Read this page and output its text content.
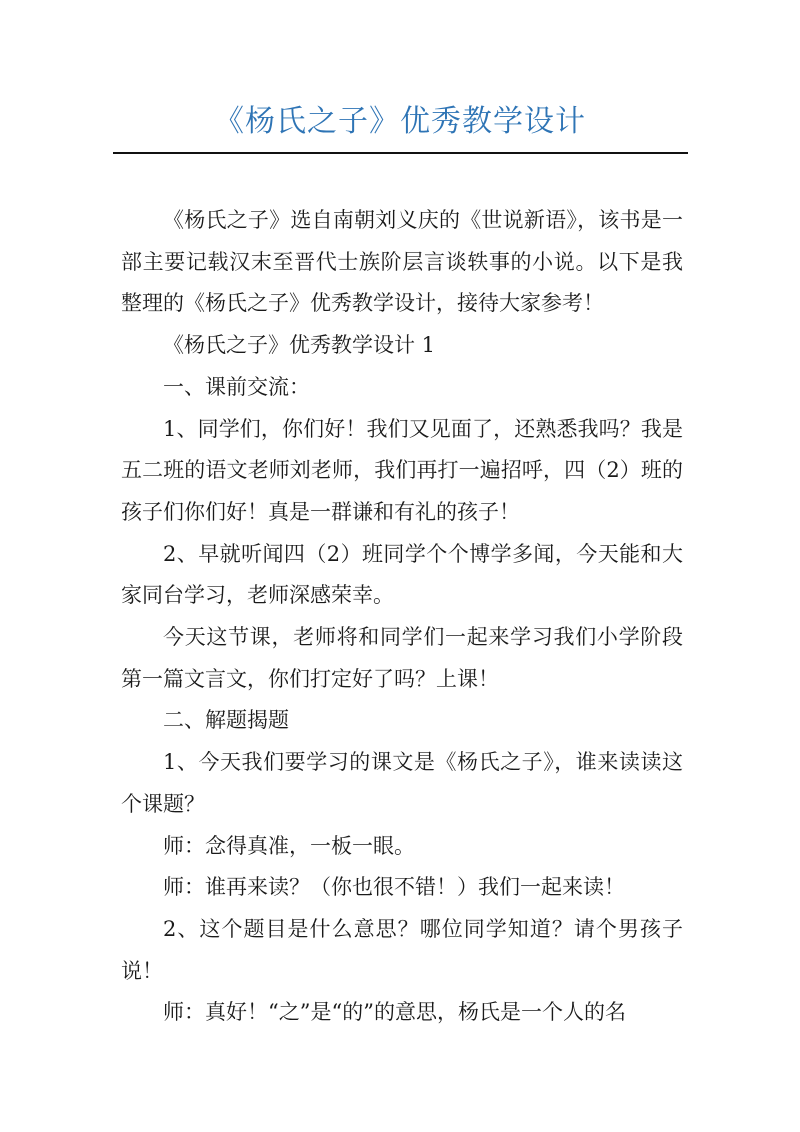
《杨氏之子》优秀教学设计

《杨氏之子》选自南朝刘义庆的《世说新语》，该书是一部主要记载汉末至晋代士族阶层言谈轶事的小说。以下是我整理的《杨氏之子》优秀教学设计，接待大家参考！

《杨氏之子》优秀教学设计 1

一、课前交流：

1、同学们，你们好！我们又见面了，还熟悉我吗？我是五二班的语文老师刘老师，我们再打一遍招呼，四（2）班的孩子们你们好！真是一群谦和有礼的孩子！

2、早就听闻四（2）班同学个个博学多闻，今天能和大家同台学习，老师深感荣幸。

今天这节课，老师将和同学们一起来学习我们小学阶段第一篇文言文，你们打定好了吗？上课！

二、解题揭题

1、今天我们要学习的课文是《杨氏之子》，谁来读读这个课题？

师：念得真准，一板一眼。

师：谁再来读？（你也很不错！）我们一起来读！

2、这个题目是什么意思？哪位同学知道？请个男孩子说！

师：真好！“之”是“的”的意思，杨氏是一个人的名
